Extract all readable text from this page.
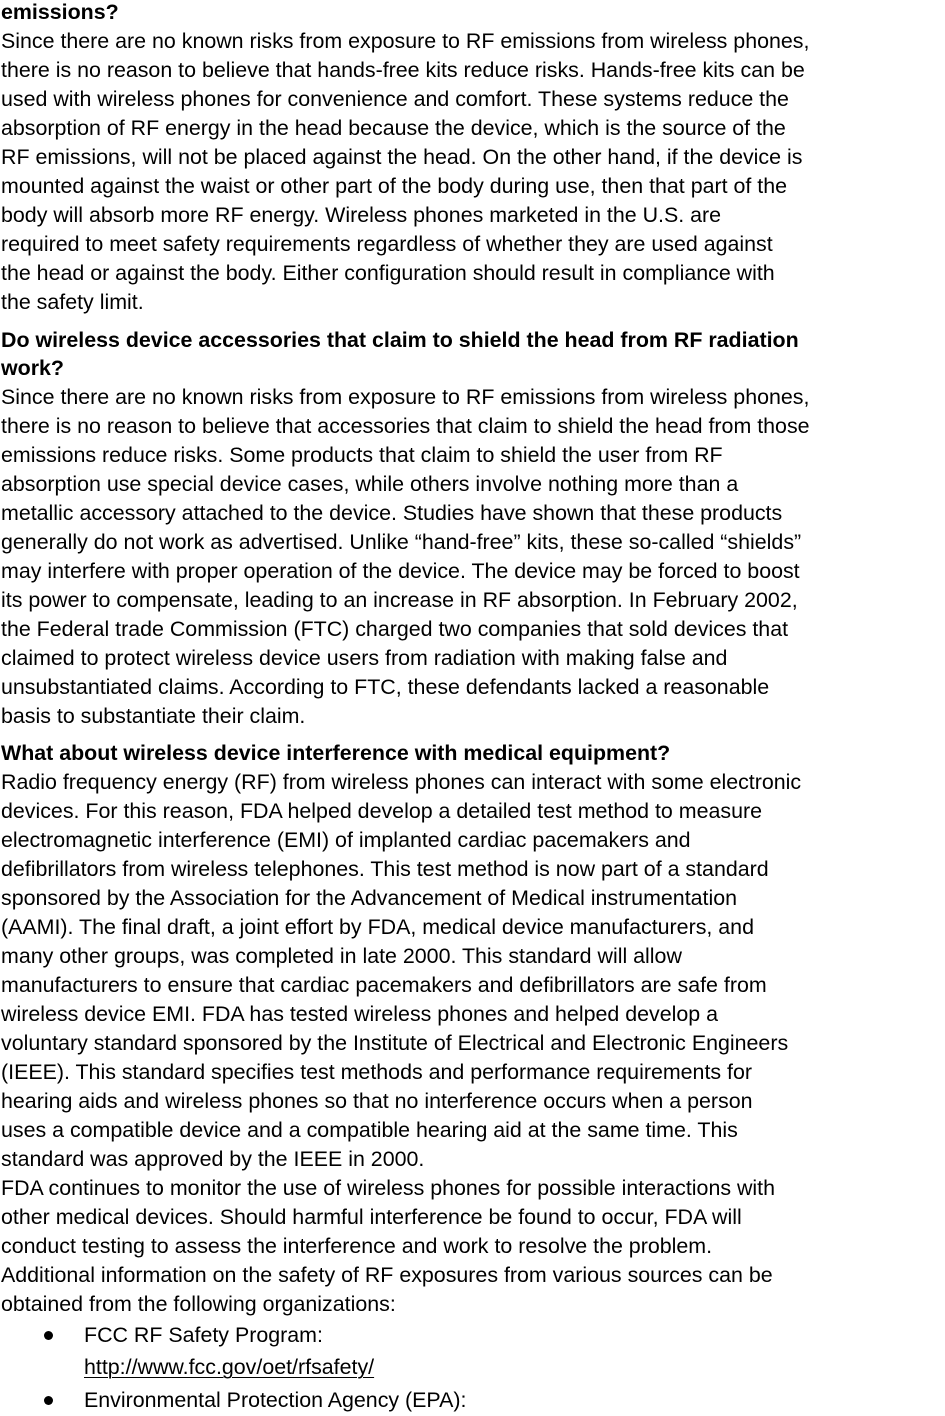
emissions?
Since there are no known risks from exposure to RF emissions from wireless phones,
there is no reason to believe that hands-free kits reduce risks. Hands-free kits can be
used with wireless phones for convenience and comfort. These systems reduce the
absorption of RF energy in the head because the device, which is the source of the
RF emissions, will not be placed against the head. On the other hand, if the device is
mounted against the waist or other part of the body during use, then that part of the
body will absorb more RF energy. Wireless phones marketed in the U.S. are
required to meet safety requirements regardless of whether they are used against
the head or against the body. Either configuration should result in compliance with
the safety limit.
Do wireless device accessories that claim to shield the head from RF radiation
work?
Since there are no known risks from exposure to RF emissions from wireless phones,
there is no reason to believe that accessories that claim to shield the head from those
emissions reduce risks. Some products that claim to shield the user from RF
absorption use special device cases, while others involve nothing more than a
metallic accessory attached to the device. Studies have shown that these products
generally do not work as advertised. Unlike “hand-free” kits, these so-called “shields”
may interfere with proper operation of the device. The device may be forced to boost
its power to compensate, leading to an increase in RF absorption. In February 2002,
the Federal trade Commission (FTC) charged two companies that sold devices that
claimed to protect wireless device users from radiation with making false and
unsubstantiated claims. According to FTC, these defendants lacked a reasonable
basis to substantiate their claim.
What about wireless device interference with medical equipment?
Radio frequency energy (RF) from wireless phones can interact with some electronic
devices. For this reason, FDA helped develop a detailed test method to measure
electromagnetic interference (EMI) of implanted cardiac pacemakers and
defibrillators from wireless telephones. This test method is now part of a standard
sponsored by the Association for the Advancement of Medical instrumentation
(AAMI). The final draft, a joint effort by FDA, medical device manufacturers, and
many other groups, was completed in late 2000. This standard will allow
manufacturers to ensure that cardiac pacemakers and defibrillators are safe from
wireless device EMI. FDA has tested wireless phones and helped develop a
voluntary standard sponsored by the Institute of Electrical and Electronic Engineers
(IEEE). This standard specifies test methods and performance requirements for
hearing aids and wireless phones so that no interference occurs when a person
uses a compatible device and a compatible hearing aid at the same time. This
standard was approved by the IEEE in 2000.
FDA continues to monitor the use of wireless phones for possible interactions with
other medical devices. Should harmful interference be found to occur, FDA will
conduct testing to assess the interference and work to resolve the problem.
Additional information on the safety of RF exposures from various sources can be
obtained from the following organizations:
FCC RF Safety Program:
http://www.fcc.gov/oet/rfsafety/
Environmental Protection Agency (EPA):
